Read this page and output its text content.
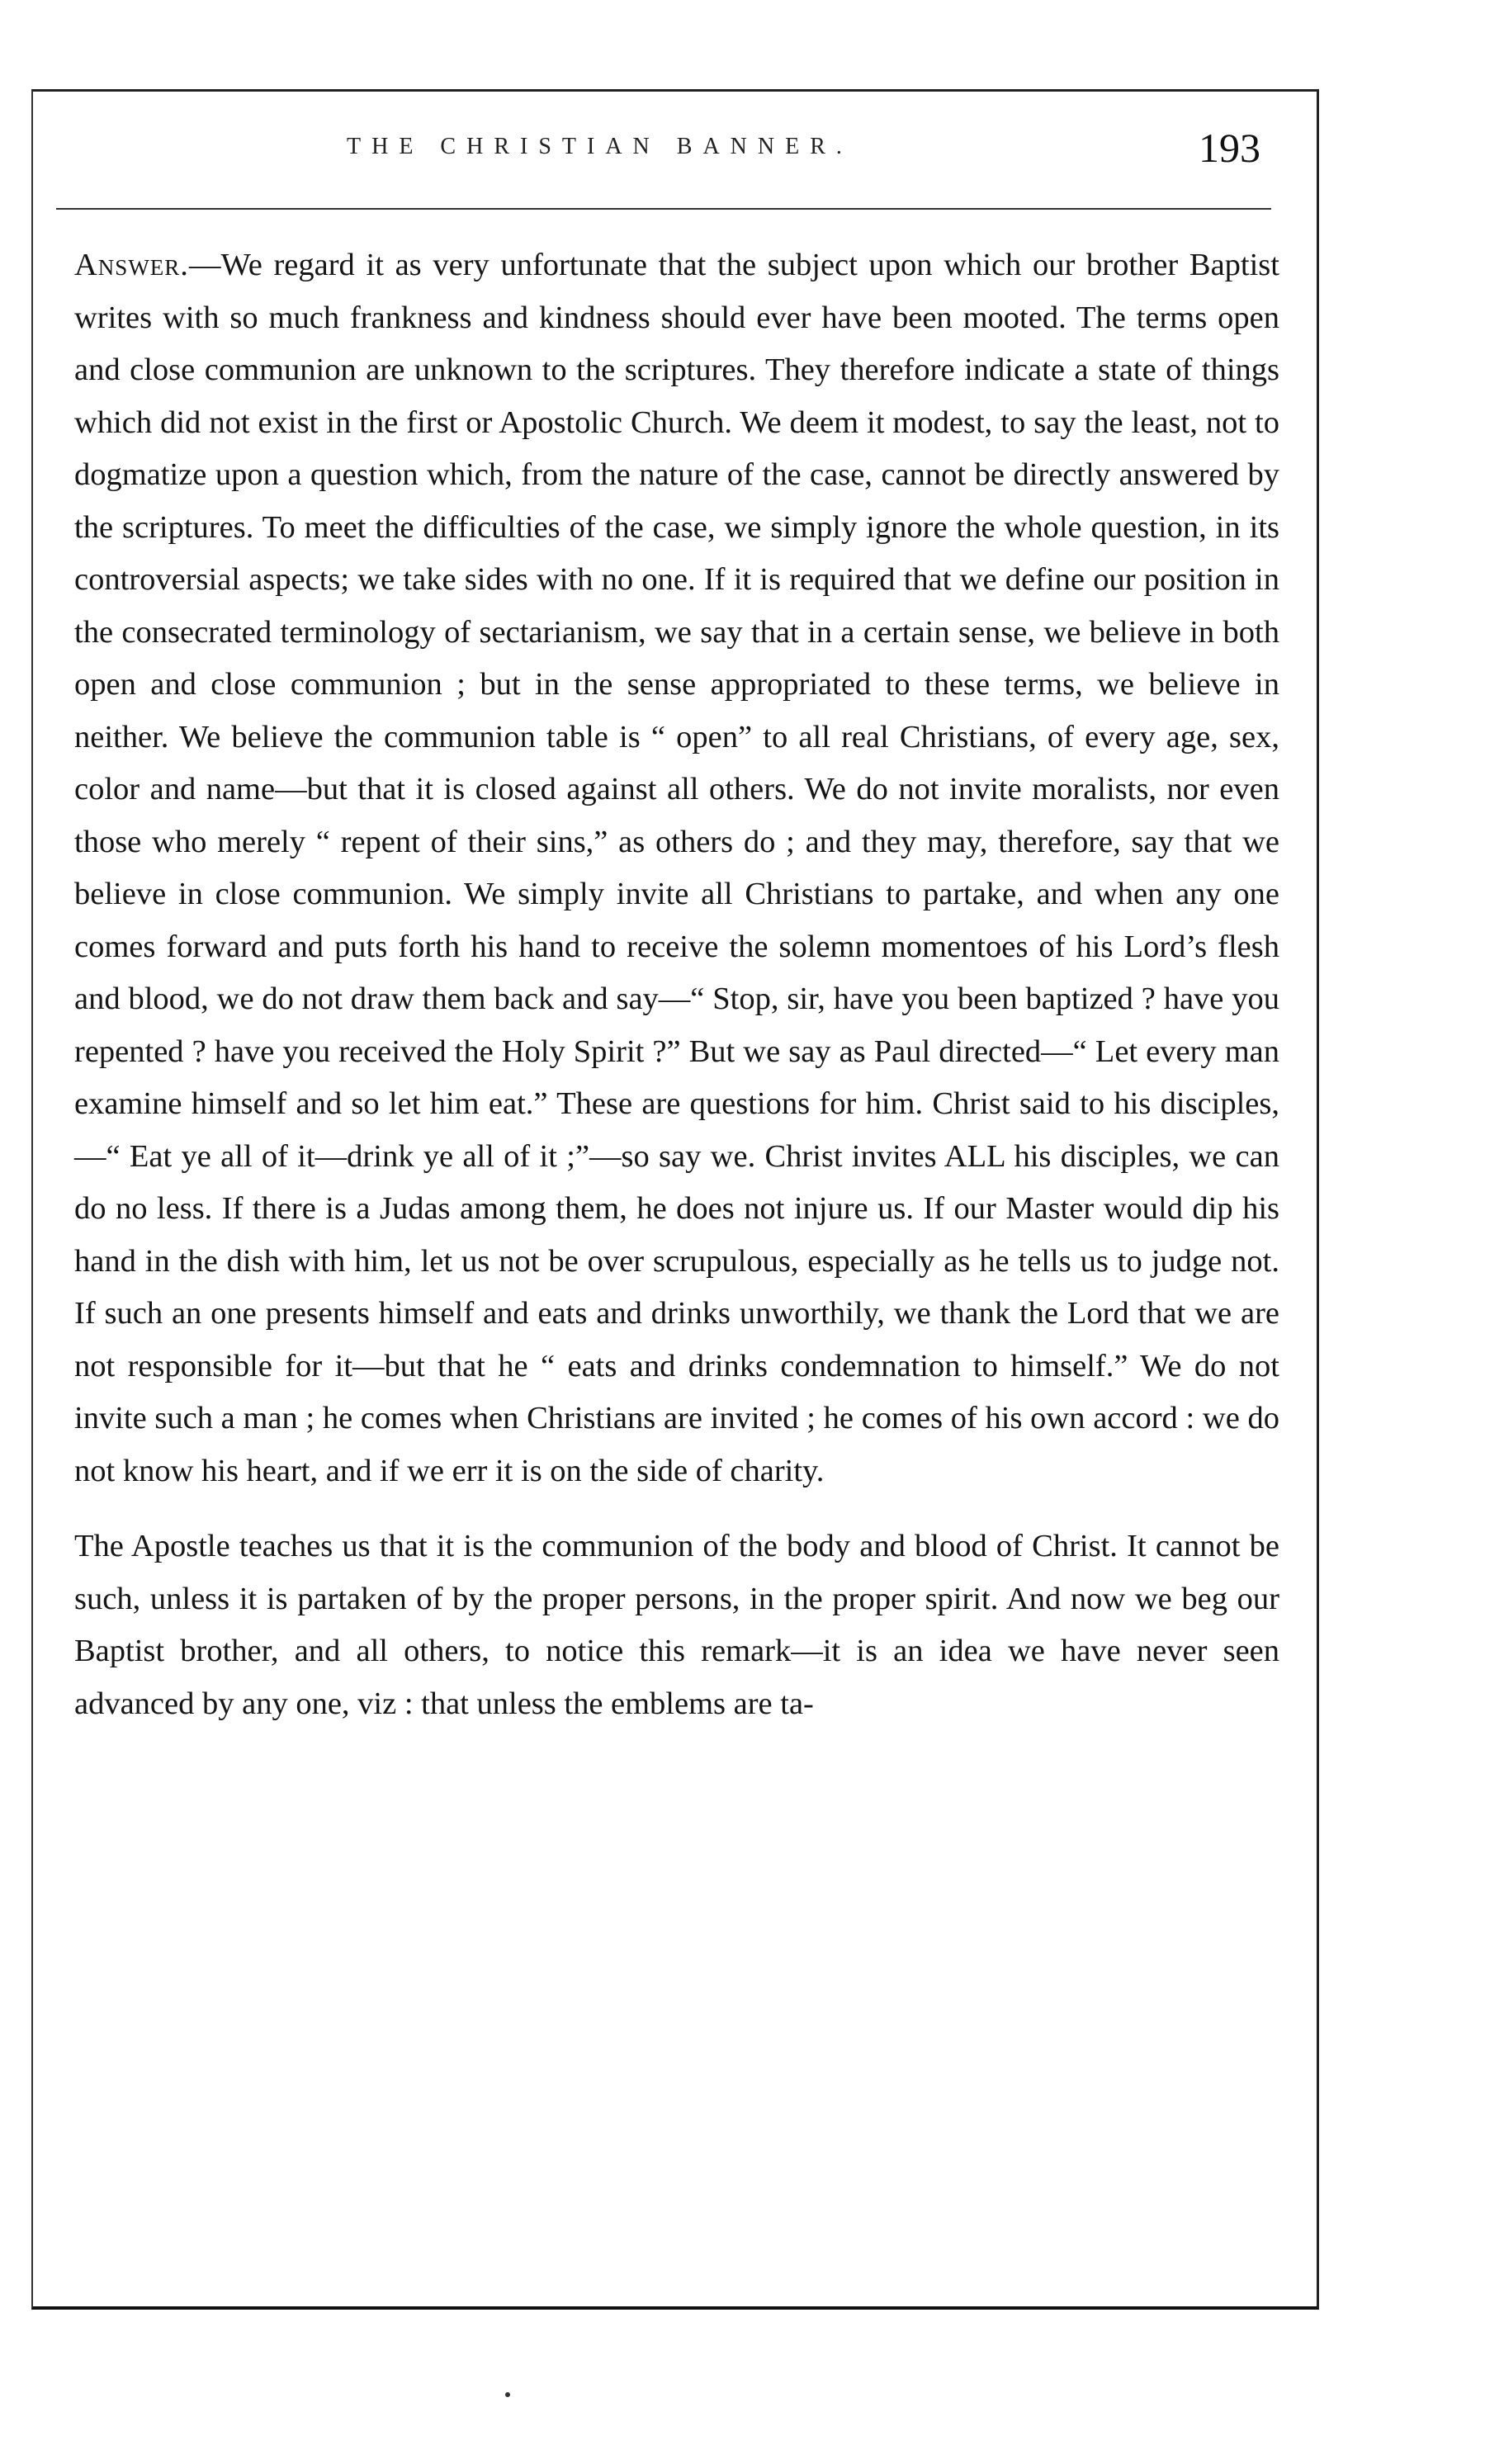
THE CHRISTIAN BANNER.	193

Answer.—We regard it as very unfortunate that the subject upon which our brother Baptist writes with so much frankness and kindness should ever have been mooted. The terms open and close communion are unknown to the scriptures. They therefore indicate a state of things which did not exist in the first or Apostolic Church. We deem it modest, to say the least, not to dogmatize upon a question which, from the nature of the case, cannot be directly answered by the scriptures. To meet the difficulties of the case, we simply ignore the whole question, in its controversial aspects; we take sides with no one. If it is required that we define our position in the consecrated terminology of sectarianism, we say that in a certain sense, we believe in both open and close communion ; but in the sense appropriated to these terms, we believe in neither. We believe the communion table is “ open” to all real Christians, of every age, sex, color and name—but that it is closed against all others. We do not invite moralists, nor even those who merely “ repent of their sins,” as others do ; and they may, therefore, say that we believe in close communion. We simply invite all Christians to partake, and when any one comes forward and puts forth his hand to receive the solemn momentoes of his Lord’s flesh and blood, we do not draw them back and say—“ Stop, sir, have you been baptized ? have you repented ? have you received the Holy Spirit ?” But we say as Paul directed—“ Let every man examine himself and so let him eat.” These are questions for him. Christ said to his disciples,—“ Eat ye all of it—drink ye all of it ;”—so say we. Christ invites ALL his disciples, we can do no less. If there is a Judas among them, he does not injure us. If our Master would dip his hand in the dish with him, let us not be over scrupulous, especially as he tells us to judge not. If such an one presents himself and eats and drinks unworthily, we thank the Lord that we are not responsible for it—but that he “ eats and drinks condemnation to himself.” We do not invite such a man ; he comes when Christians are invited ; he comes of his own accord : we do not know his heart, and if we err it is on the side of charity.

The Apostle teaches us that it is the communion of the body and blood of Christ. It cannot be such, unless it is partaken of by the proper persons, in the proper spirit. And now we beg our Baptist brother, and all others, to notice this remark—it is an idea we have never seen advanced by any one, viz : that unless the emblems are ta-
